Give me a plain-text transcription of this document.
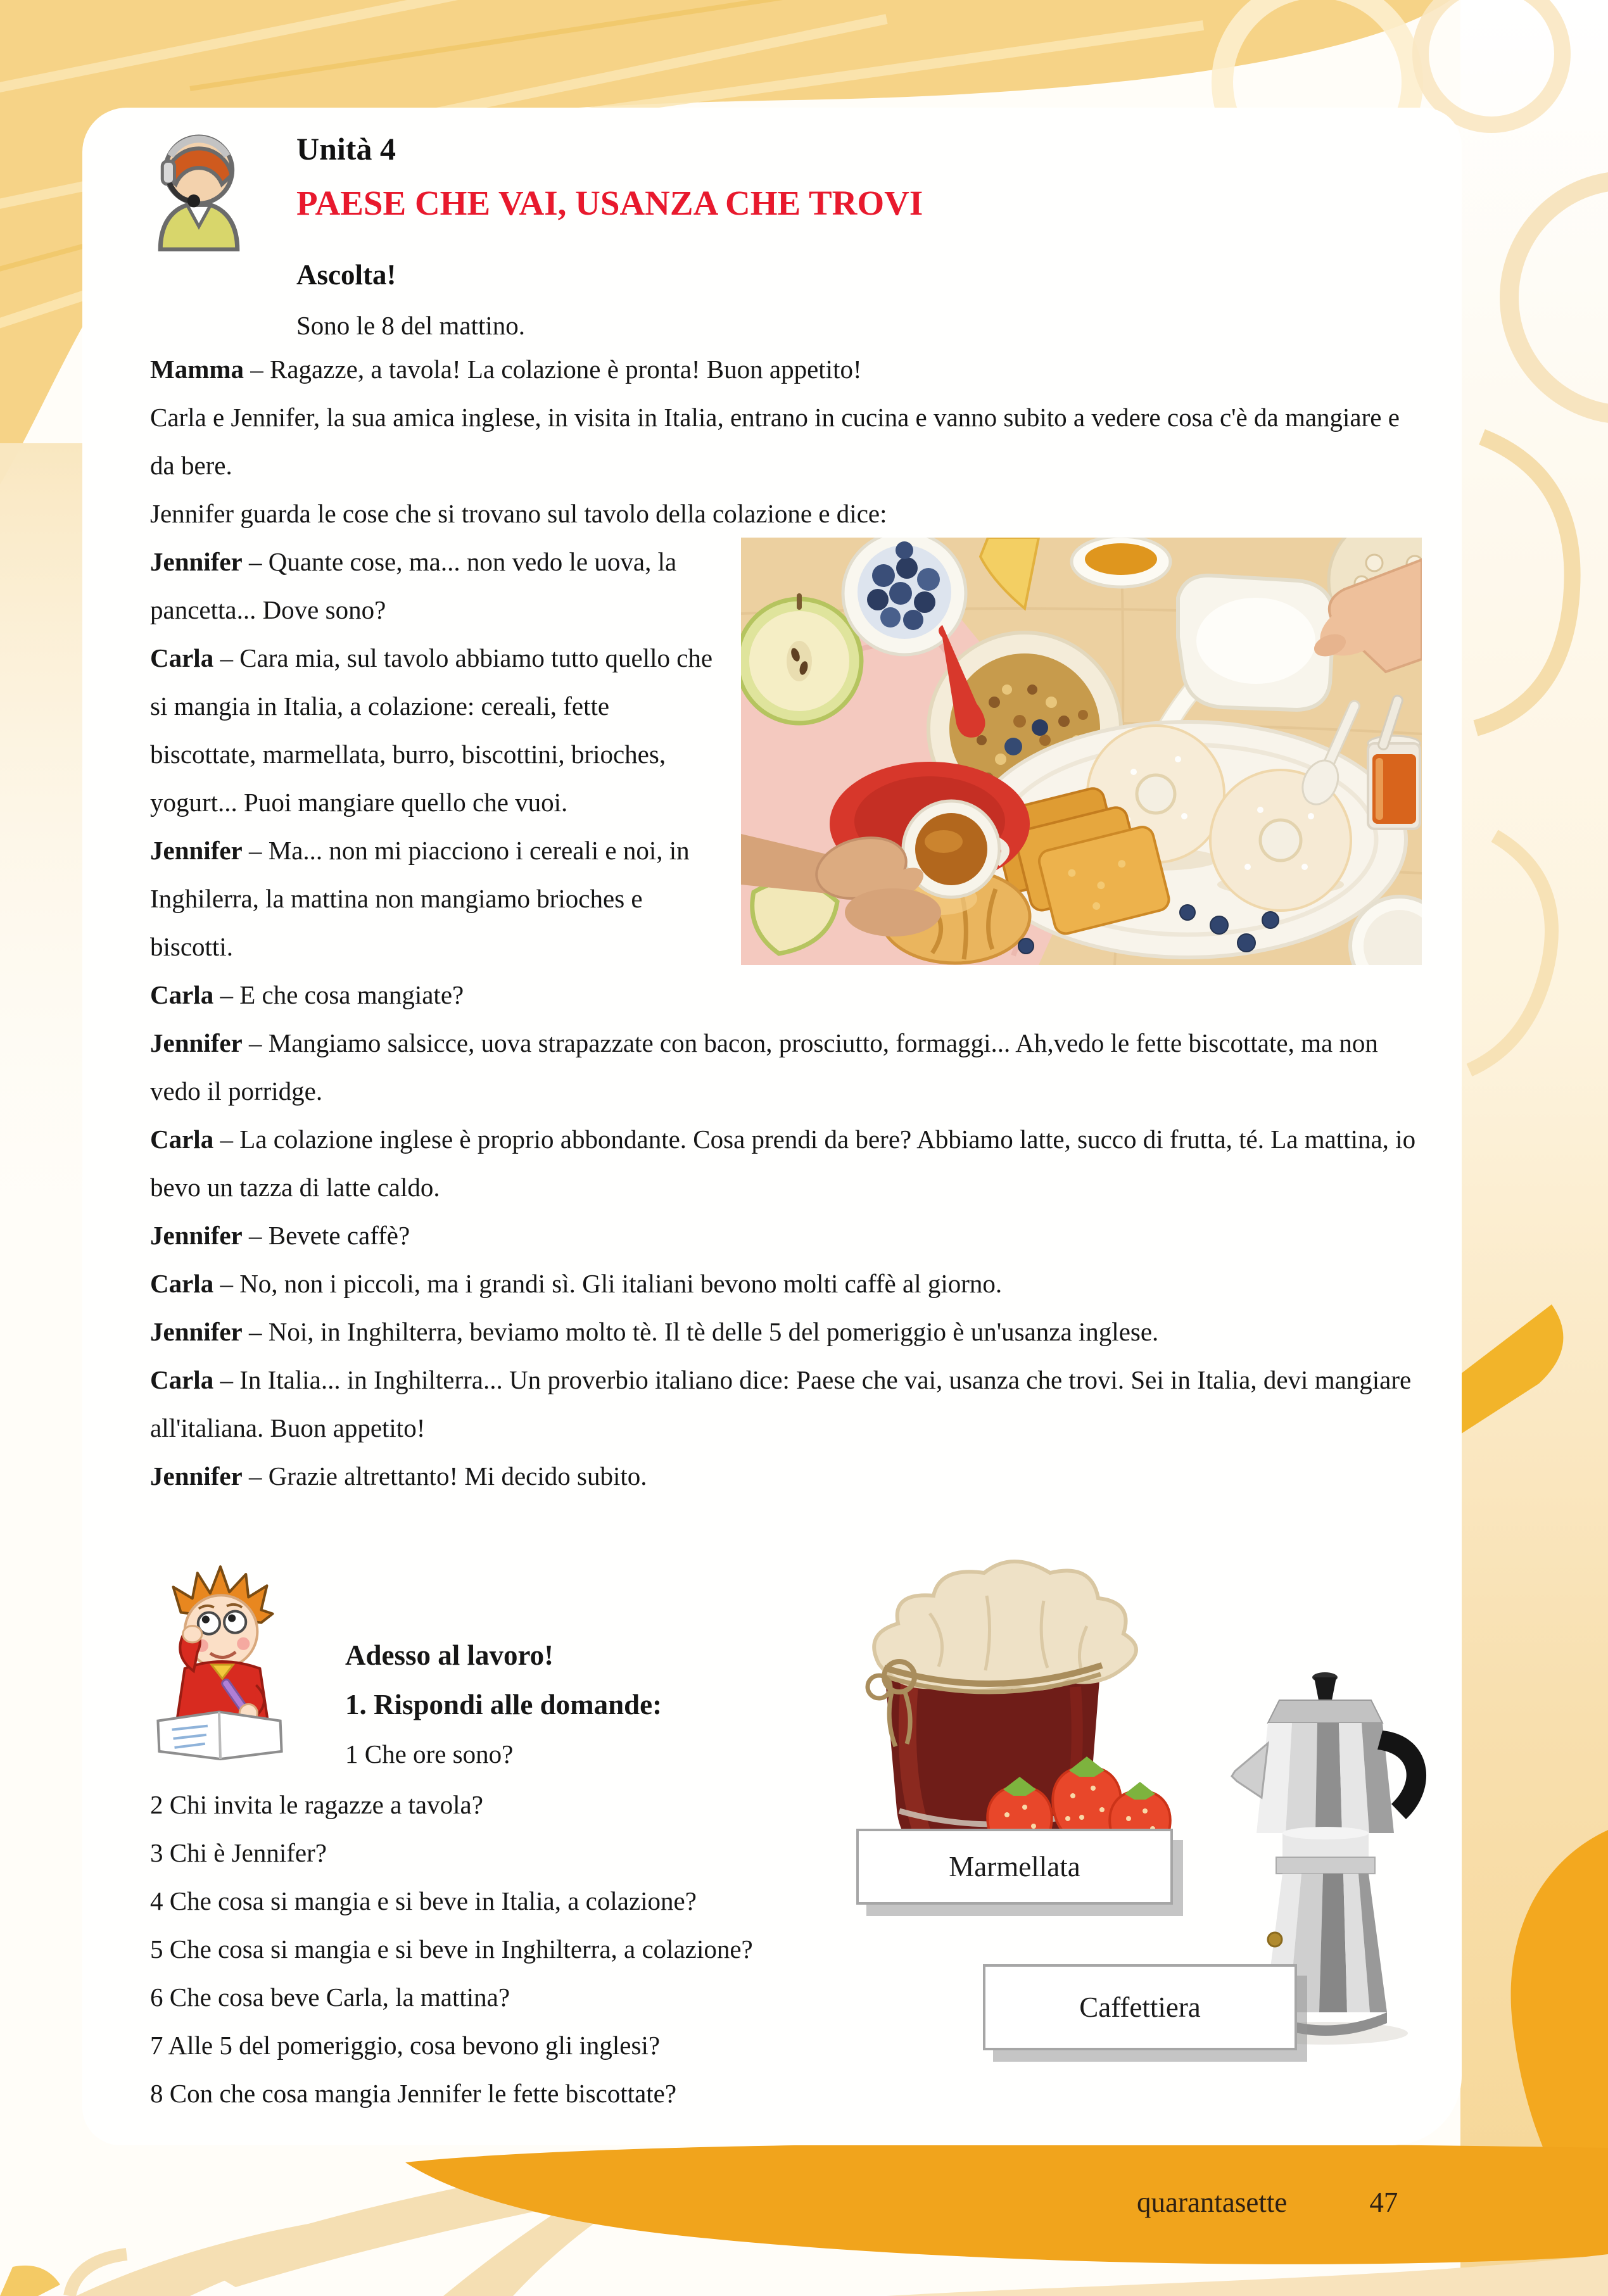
Unità 4
PAESE CHE VAI, USANZA CHE TROVI
Ascolta!
Sono le 8 del mattino.

Mamma – Ragazze, a tavola! La colazione è pronta! Buon appetito!

Carla e Jennifer, la sua amica inglese, in visita in Italia, entrano in cucina e vanno subito a vedere cosa c'è da mangiare e da bere.

Jennifer guarda le cose che si trovano sul tavolo della colazione e dice:

Jennifer – Quante cose, ma... non vedo le uova, la pancetta... Dove sono?

Carla – Cara mia, sul tavolo abbiamo tutto quello che si mangia in Italia, a colazione: cereali, fette biscottate, marmellata, burro, biscottini, brioches, yogurt... Puoi mangiare quello che vuoi.

Jennifer – Ma... non mi piacciono i cereali e noi, in Inghilerra, la mattina non mangiamo brioches e biscotti.

Carla – E che cosa mangiate?

Jennifer – Mangiamo salsicce, uova strapazzate con bacon, prosciutto, formaggi... Ah,vedo le fette biscottate, ma non vedo il porridge.

Carla – La colazione inglese è proprio abbondante. Cosa prendi da bere? Abbiamo latte, succo di frutta, té. La mattina, io bevo un tazza di latte caldo.

Jennifer – Bevete caffè?

Carla – No, non i piccoli, ma i grandi sì. Gli italiani bevono molti caffè al giorno.

Jennifer – Noi, in Inghilterra, beviamo molto tè. Il tè delle 5 del pomeriggio è un'usanza inglese.

Carla – In Italia... in Inghilterra... Un proverbio italiano dice: Paese che vai, usanza che trovi. Sei in Italia, devi mangiare all'italiana. Buon appetito!

Jennifer – Grazie altrettanto! Mi decido subito.

Adesso al lavoro!
1. Rispondi alle domande:
1 Che ore sono?
2 Chi invita le ragazze a tavola?
3 Chi è Jennifer?
4 Che cosa si mangia e si beve in Italia, a colazione?
5 Che cosa si mangia e si beve in Inghilterra, a colazione?
6 Che cosa beve Carla, la mattina?
7 Alle 5 del pomeriggio, cosa bevono gli inglesi?
8 Con che cosa mangia Jennifer le fette biscottate?
Marmellata
Caffettiera
quarantasette	47
